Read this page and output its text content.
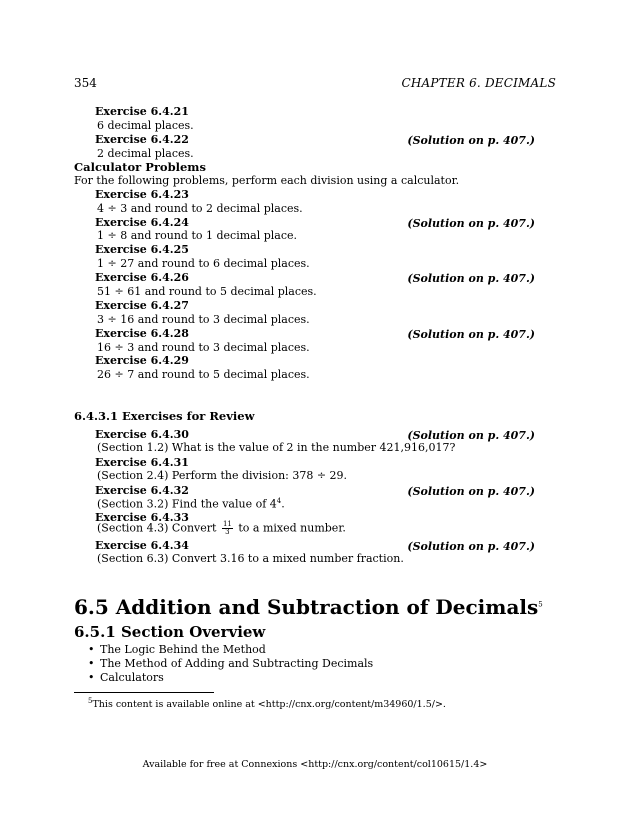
354	CHAPTER 6. DECIMALS
Exercise 6.4.21
6 decimal places.
Exercise 6.4.22	(Solution on p. 407.)
2 decimal places.
Calculator Problems
For the following problems, perform each division using a calculator.
Exercise 6.4.23
4 ÷ 3 and round to 2 decimal places.
Exercise 6.4.24	(Solution on p. 407.)
1 ÷ 8 and round to 1 decimal place.
Exercise 6.4.25
1 ÷ 27 and round to 6 decimal places.
Exercise 6.4.26	(Solution on p. 407.)
51 ÷ 61 and round to 5 decimal places.
Exercise 6.4.27
3 ÷ 16 and round to 3 decimal places.
Exercise 6.4.28	(Solution on p. 407.)
16 ÷ 3 and round to 3 decimal places.
Exercise 6.4.29
26 ÷ 7 and round to 5 decimal places.
6.4.3.1 Exercises for Review
Exercise 6.4.30	(Solution on p. 407.)
(Section 1.2) What is the value of 2 in the number 421,916,017?
Exercise 6.4.31
(Section 2.4) Perform the division: 378 ÷ 29.
Exercise 6.4.32	(Solution on p. 407.)
(Section 3.2) Find the value of $4^4$.
Exercise 6.4.33
(Section 4.3) Convert $\frac{11}{3}$ to a mixed number.
Exercise 6.4.34	(Solution on p. 407.)
(Section 6.3) Convert 3.16 to a mixed number fraction.
6.5 Addition and Subtraction of Decimals$^5$
6.5.1 Section Overview
• The Logic Behind the Method
• The Method of Adding and Subtracting Decimals
• Calculators
$^5$This content is available online at <http://cnx.org/content/m34960/1.5/>.
Available for free at Connexions <http://cnx.org/content/col10615/1.4>
